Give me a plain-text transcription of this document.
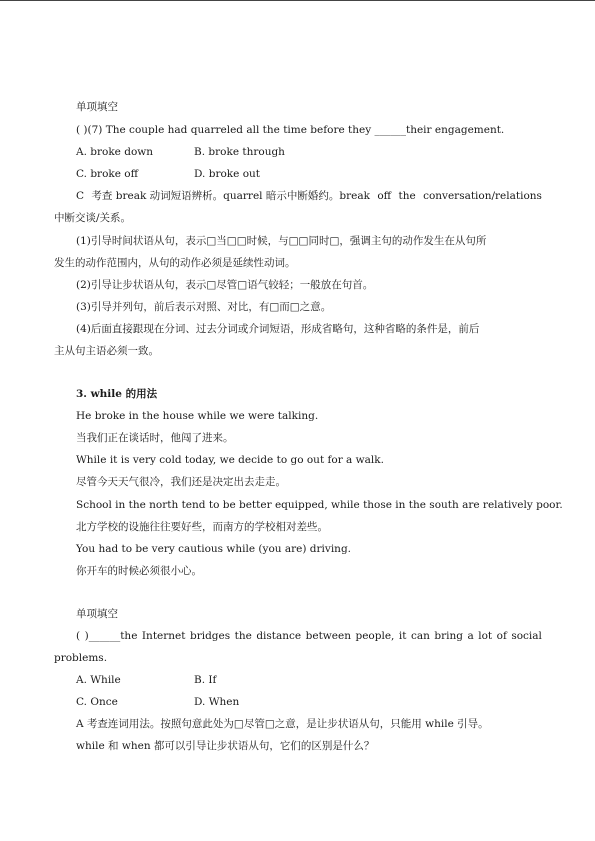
单项填空
( )(7) The couple had quarreled all the time before they ______their engagement.
A. broke down	B. broke through
C. broke off	D. broke out
C 考查 break 动词短语辨析。quarrel 暗示中断婚约。break off the conversation/relations
中断交谈/关系。
(1)引导时间状语从句，表示□当□□时候，与□□同时□，强调主句的动作发生在从句所
发生的动作范围内，从句的动作必须是延续性动词。
(2)引导让步状语从句，表示□尽管□语气较轻；一般放在句首。
(3)引导并列句，前后表示对照、对比，有□而□之意。
(4)后面直接跟现在分词、过去分词或介词短语，形成省略句，这种省略的条件是，前后
主从句主语必须一致。
3. while 的用法
He broke in the house while we were talking.
当我们正在谈话时，他闯了进来。
While it is very cold today, we decide to go out for a walk.
尽管今天天气很冷，我们还是决定出去走走。
School in the north tend to be better equipped, while those in the south are relatively poor.
北方学校的设施往往要好些，而南方的学校相对差些。
You had to be very cautious while (you are) driving.
你开车的时候必须很小心。
单项填空
( )______the Internet bridges the distance between people, it can bring a lot of social
problems.
A. While	B. If
C. Once	D. When
A 考查连词用法。按照句意此处为□尽管□之意，是让步状语从句，只能用 while 引导。
while 和 when 都可以引导让步状语从句，它们的区别是什么？
